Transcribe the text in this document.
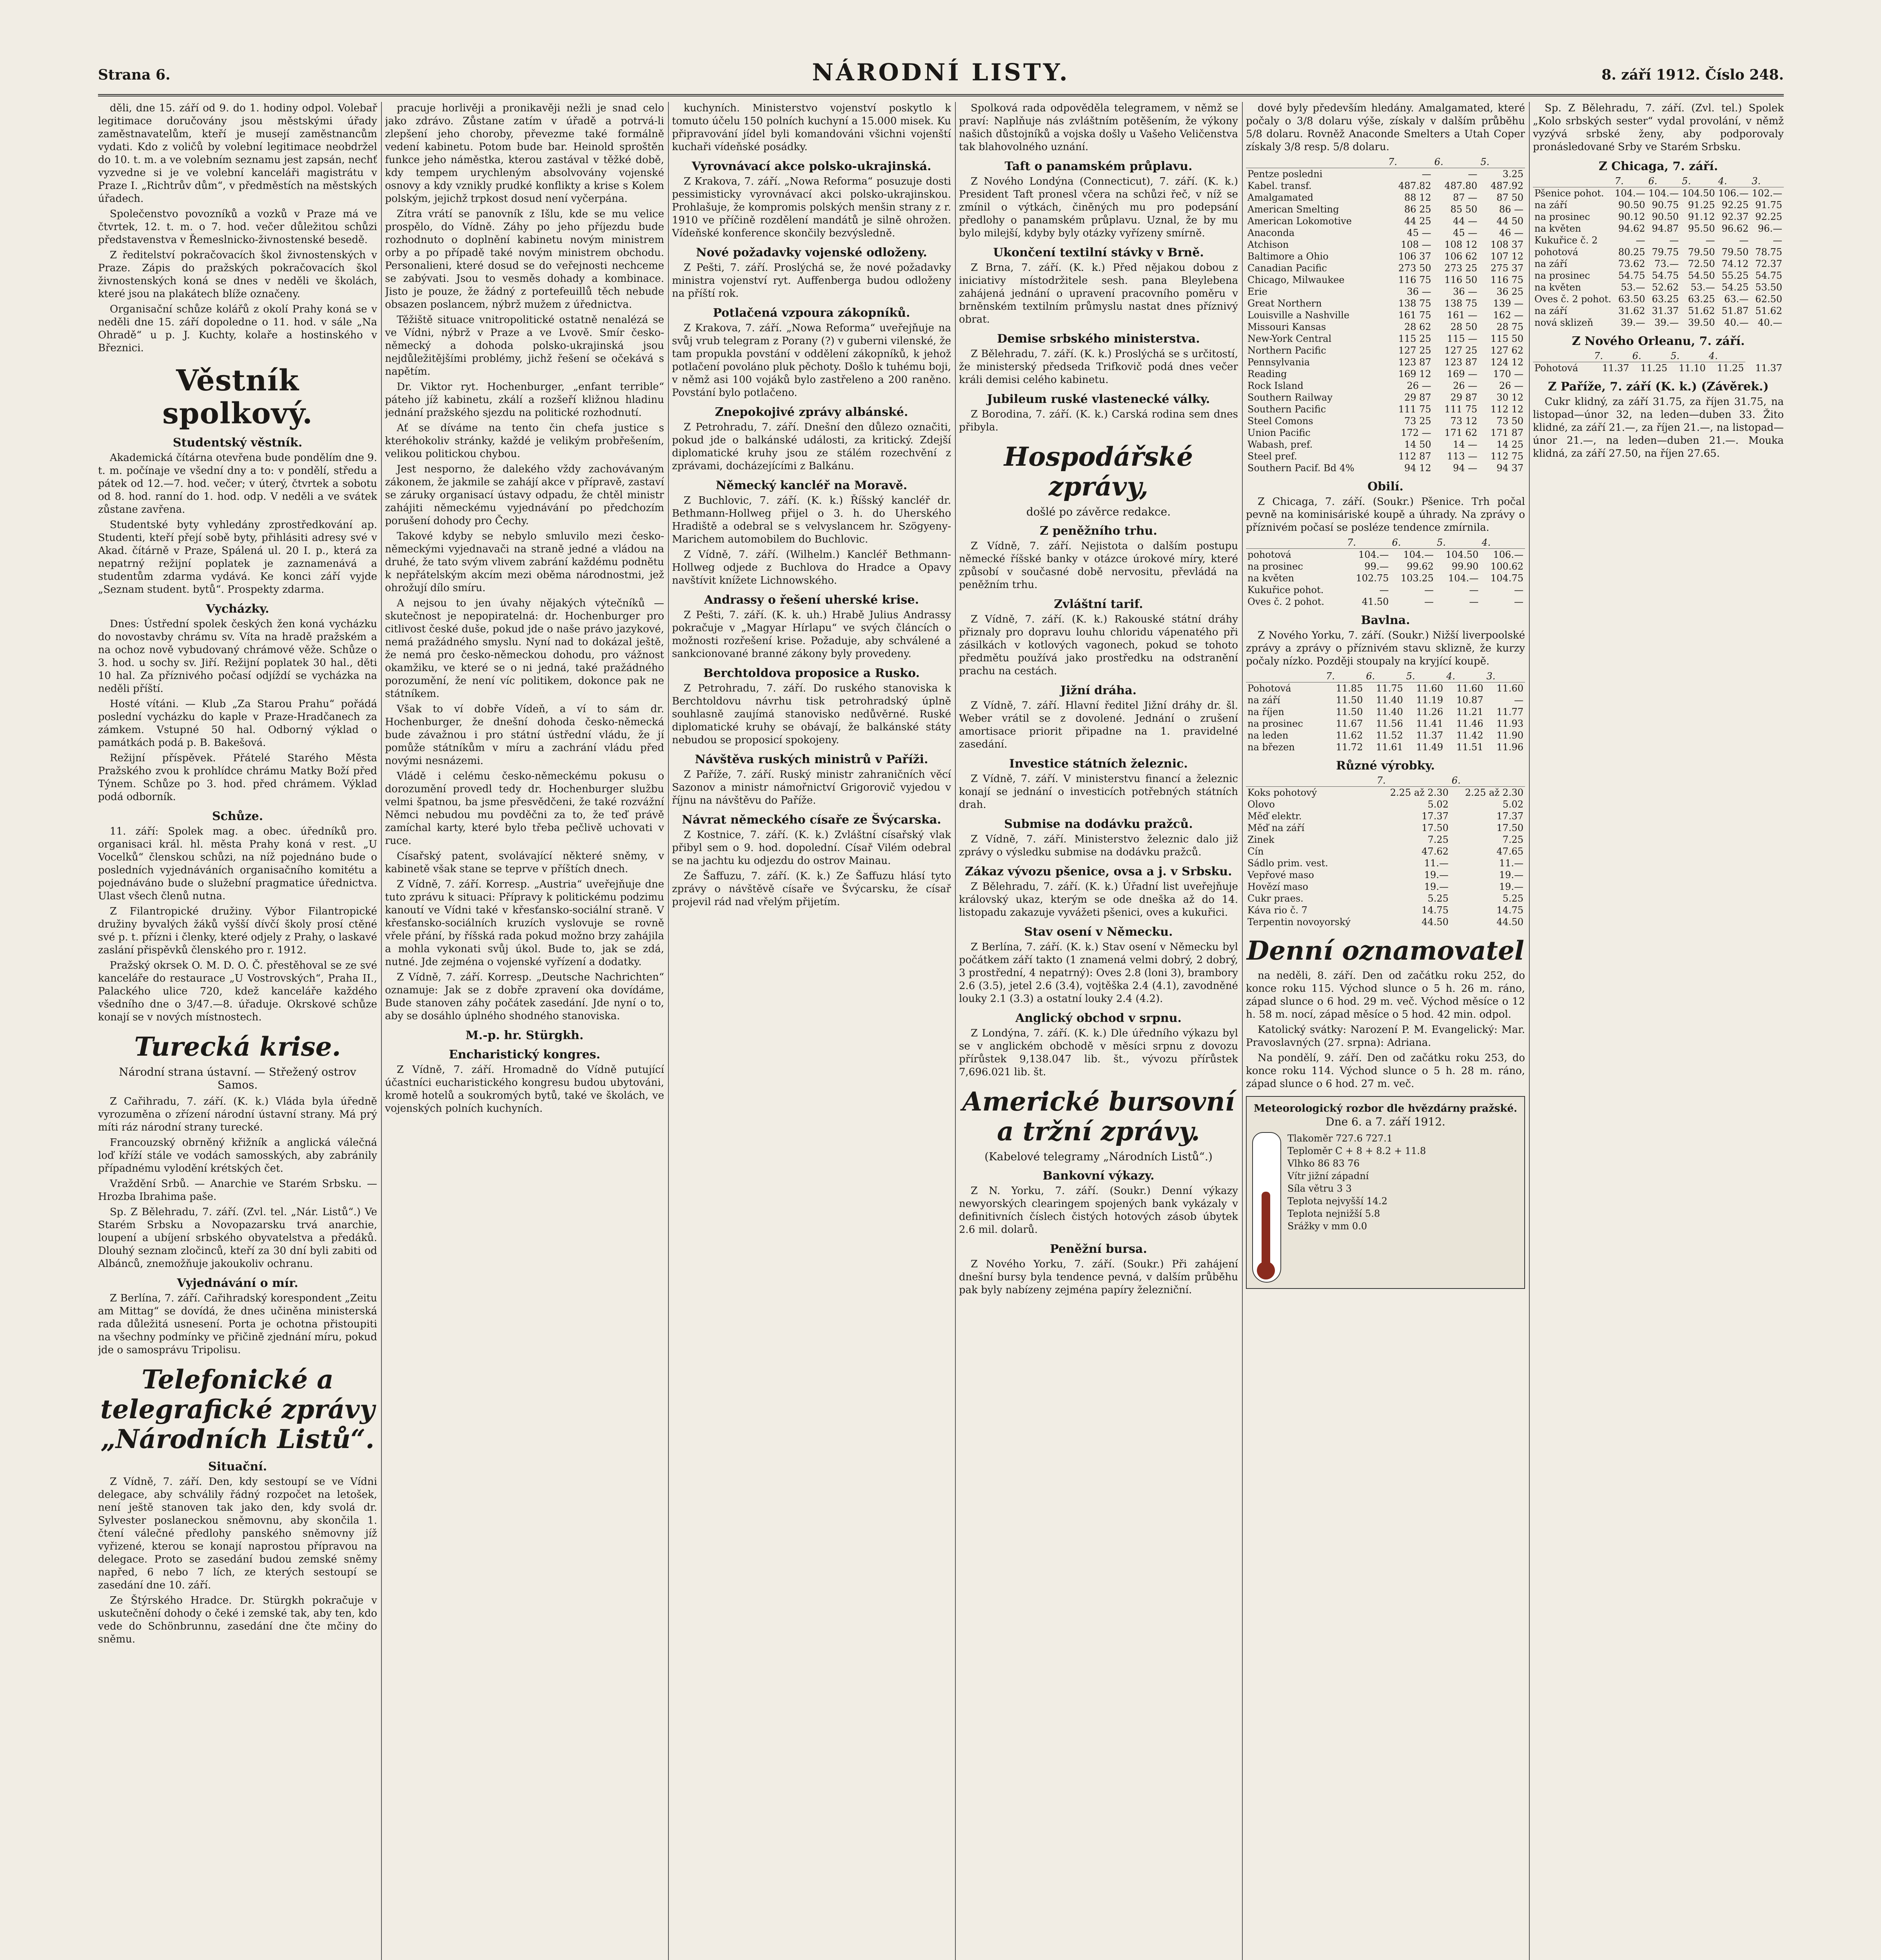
Strana 6.	NÁRODNÍ LISTY.	8. září 1912. Číslo 248.

děli, dne 15. září od 9. do 1. hodiny odpol. Volebař legitimace doručovány jsou městskými úřady zaměstnavatelům, kteří je musejí zaměstnancům vydati. Kdo z voličů by volební legitimace neobdržel do 10. t. m. a ve volebním seznamu jest zapsán, nechť vyzvedne si je ve volební kanceláři magistrátu v Praze I. „Richtrův dům“, v předměstích na městských úřadech.

Společenstvo povozníků a vozků v Praze má ve čtvrtek, 12. t. m. o 7. hod. večer důležitou schůzi představenstva v Řemeslnicko-živnostenské besedě.

Z ředitelství pokračovacích škol živnostenských v Praze. Zápis do pražských pokračovacích škol živnostenských koná se dnes v neděli ve školách, které jsou na plakátech blíže označeny.

Organisační schůze kolářů z okolí Prahy koná se v neděli dne 15. září dopoledne o 11. hod. v sále „Na Ohradě“ u p. J. Kuchty, kolaře a hostinského v Březnici.

Věstník spolkový.
Studentský věstník.

Akademická čítárna otevřena bude pondělím dne 9. t. m. počínaje ve všední dny a to: v pondělí, středu a pátek od 12.—7. hod. večer; v úterý, čtvrtek a sobotu od 8. hod. ranní do 1. hod. odp. V neděli a ve svátek zůstane zavřena.

Studentské byty vyhledány zprostředkování ap. Studenti, kteří přejí sobě byty, přihlásiti adresy své v Akad. čítárně v Praze, Spálená ul. 20 I. p., která za nepatrný režijní poplatek je zaznamenává a studentům zdarma vydává. Ke konci září vyjde „Seznam student. bytů“. Prospekty zdarma.

Vycházky.

Dnes: Ústřední spolek českých žen koná vycházku do novostavby chrámu sv. Víta na hradě pražském a na ochoz nově vybudovaný chrámové věže. Schůze o 3. hod. u sochy sv. Jiří. Režijní poplatek 30 hal., děti 10 hal. Za příznivého počasí odjíždí se vycházka na neděli příští.

Hosté vítáni. — Klub „Za Starou Prahu“ pořádá poslední vycházku do kaple v Praze-Hradčanech za zámkem. Vstupné 50 hal. Odborný výklad o památkách podá p. B. Bakešová.

Režijní příspěvek. Přátelé Starého Města Pražského zvou k prohlídce chrámu Matky Boží před Týnem. Schůze po 3. hod. před chrámem. Výklad podá odborník.

Schůze.

11. září: Spolek mag. a obec. úředníků pro. organisaci král. hl. města Prahy koná v rest. „U Vocelků“ členskou schůzi, na níž pojednáno bude o posledních vyjednáváních organisačního komitétu a pojednáváno bude o služební pragmatice úřednictva. Ulast všech členů nutna.

Z Filantropické družiny. Výbor Filantropické družiny byvalých žáků vyšší dívčí školy prosí ctěné své p. t. přízni i členky, které odjely z Prahy, o laskavé zaslání přispěvků členského pro r. 1912.

Pražský okrsek O. M. D. O. Č. přestěhoval se ze své kanceláře do restaurace „U Vostrovských“, Praha II., Palackého ulice 720, kdež kanceláře každého všedního dne o 3/47.—8. úřaduje. Okrskové schůze konají se v nových místnostech.

Turecká krise.
Národní strana ústavní. — Střežený ostrov Samos.

Z Cařihradu, 7. září. (K. k.) Vláda byla úředně vyrozuměna o zřízení národní ústavní strany. Má prý míti ráz národní strany turecké.

Francouzský obrněný křižník a anglická válečná loď kříží stále ve vodách samosských, aby zabránily případnému vylodění krétských čet.

Vraždění Srbů. — Anarchie ve Starém Srbsku. — Hrozba Ibrahima paše.

Sp. Z Bělehradu, 7. září. (Zvl. tel. „Nár. Listů“.) Ve Starém Srbsku a Novopazarsku trvá anarchie, loupení a ubíjení srbského obyvatelstva a předáků. Dlouhý seznam zločinců, kteří za 30 dní byli zabiti od Albánců, znemožňuje jakoukoliv ochranu.

Vyjednávání o mír.

Z Berlína, 7. září. Cařihradský korespondent „Zeitu am Mittag“ se dovídá, že dnes učiněna ministerská rada důležitá usnesení. Porta je ochotna přistoupiti na všechny podmínky ve přičině zjednání míru, pokud jde o samosprávu Tripolisu.

Telefonické a telegrafické zprávy „Národních Listů“.
Situační.

Z Vídně, 7. září. Den, kdy sestoupí se ve Vídni delegace, aby schválily řádný rozpočet na letošek, není ještě stanoven tak jako den, kdy svolá dr. Sylvester poslaneckou sněmovnu, aby skončila 1. čtení válečné předlohy panského sněmovny jíž vyřizené, kterou se konají naprostou přípravou na delegace. Proto se zasedání budou zemské sněmy napřed, 6 nebo 7 lích, ze kterých sestoupí se zasedání dne 10. září.

Ze Štýrského Hradce. Dr. Stürgkh pokračuje v uskutečnění dohody o čeké i zemské tak, aby ten, kdo vede do Schönbrunnu, zasedání dne čte mčiny do sněmu.

pracuje horlivěji a pronikavěji nežli je snad celo jako zdrávo. Zůstane zatím v úřadě a potrvá-li zlepšení jeho choroby, převezme také formálně vedení kabinetu. Potom bude bar. Heinold sproštěn funkce jeho náměstka, kterou zastával v těžké době, kdy tempem urychleným absolvovány vojenské osnovy a kdy vznikly prudké konflikty a krise s Kolem polským, jejichž trpkost dosud není vyčerpána.

Zítra vrátí se panovník z Išlu, kde se mu velice prospělo, do Vídně. Záhy po jeho příjezdu bude rozhodnuto o doplnění kabinetu novým ministrem orby a po případě také novým ministrem obchodu. Personalieni, které dosud se do veřejnosti nechceme se zabývati. Jsou to vesměs dohady a kombinace. Jisto je pouze, že žádný z portefeuillů těch nebude obsazen poslancem, nýbrž mužem z úřednictva.

Těžiště situace vnitropolitické ostatně nenalézá se ve Vídni, nýbrž v Praze a ve Lvově. Smír česko-německý a dohoda polsko-ukrajinská jsou nejdůležitějšími problémy, jichž řešení se očekává s napětím.

Dr. Viktor ryt. Hochenburger, „enfant terrible“ páteho jíž kabinetu, zkálí a rozšeří kližnou hladinu jednání pražského sjezdu na politické rozhodnutí.

Ať se díváme na tento čin chefa justice s kteréhokoliv stránky, každé je velikým probřešením, velikou politickou chybou.

Jest nesporno, že dalekého vždy zachovávaným zákonem, že jakmile se zahájí akce v přípravě, zastaví se záruky organisací ústavy odpadu, že chtěl ministr zahájiti německému vyjednávání po předchozím porušení dohody pro Čechy.

Takové kdyby se nebylo smluvilo mezi česko-německými vyjednavači na straně jedné a vládou na druhé, že tato svým vlivem zabrání každému podnětu k nepřátelským akcím mezi oběma národnostmi, jež ohrožují dílo smíru.

A nejsou to jen úvahy nějakých výtečníků — skutečnost je nepopiratelná: dr. Hochenburger pro citlivost české duše, pokud jde o naše právo jazykové, nemá pražádného smyslu. Nyní nad to dokázal ještě, že nemá pro česko-německou dohodu, pro vážnost okamžiku, ve které se o ni jedná, také pražádného porozumění, že není víc politikem, dokonce pak ne státníkem.

Však to ví dobře Vídeň, a ví to sám dr. Hochenburger, že dnešní dohoda česko-německá bude závažnou i pro státní ústřední vládu, že jí pomůže státníkům v míru a zachrání vládu před novými nesnázemi.

Vládě i celému česko-německému pokusu o dorozumění provedl tedy dr. Hochenburger službu velmi špatnou, ba jsme přesvědčeni, že také rozvážní Němci nebudou mu povděčni za to, že teď právě zamíchal karty, které bylo třeba pečlivě uchovati v ruce.

Císařský patent, svolávající některé sněmy, v kabinetě však stane se teprve v příštích dnech.

Z Vídně, 7. září. Korresp. „Austria“ uveřejňuje dne tuto zprávu k situaci: Přípravy k politickému podzimu kanoutí ve Vídni také v křesťansko-sociální straně. V křesťansko-sociálních kruzích vyslovuje se rovně vřele přání, by říšská rada pokud možno brzy zahájila a mohla vykonati svůj úkol. Bude to, jak se zdá, nutné. Jde zejména o vojenské vyřízení a dodatky.

Z Vídně, 7. září. Korresp. „Deutsche Nachrichten“ oznamuje: Jak se z dobře zpravení oka dovídáme, Bude stanoven záhy počátek zasedání. Jde nyní o to, aby se dosáhlo úplného shodného stanoviska.

M.-p. hr. Stürgkh.
Encharistický kongres.

Z Vídně, 7. září. Hromadně do Vídně putující účastníci eucharistického kongresu budou ubytováni, kromě hotelů a soukromých bytů, také ve školách, ve vojenských polních kuchyních.

kuchyních. Ministerstvo vojenství poskytlo k tomuto účelu 150 polních kuchyní a 15.000 misek. Ku připravování jídel byli komandováni všichni vojenští kuchaři vídeňské posádky.

Vyrovnávací akce polsko-ukrajinská.

Z Krakova, 7. září. „Nowa Reforma“ posuzuje dosti pessimisticky vyrovnávací akci polsko-ukrajinskou. Prohlašuje, že kompromis polských menšin strany z r. 1910 ve příčině rozdělení mandátů je silně ohrožen. Vídeňské konference skončily bezvýsledně.

Nové požadavky vojenské odloženy.

Z Pešti, 7. září. Proslýchá se, že nové požadavky ministra vojenství ryt. Auffenberga budou odloženy na příští rok.

Potlačená vzpoura zákopníků.

Z Krakova, 7. září. „Nowa Reforma“ uveřejňuje na svůj vrub telegram z Porany (?) v guberni vilenské, že tam propukla povstání v oddělení zákopníků, k jehož potlačení povoláno pluk pěchoty. Došlo k tuhému boji, v němž asi 100 vojáků bylo zastřeleno a 200 raněno. Povstání bylo potlačeno.

Znepokojivé zprávy albánské.

Z Petrohradu, 7. září. Dnešní den důlezo označiti, pokud jde o balkánské události, za kritický. Zdejší diplomatické kruhy jsou ze stálém rozechvění z zprávami, docházejícími z Balkánu.

Německý kancléř na Moravě.

Z Buchlovic, 7. září. (K. k.) Říšský kancléř dr. Bethmann-Hollweg přijel o 3. h. do Uherského Hradiště a odebral se s velvyslancem hr. Szögyeny-Marichem automobilem do Buchlovic.

Z Vídně, 7. září. (Wilhelm.) Kancléř Bethmann-Hollweg odjede z Buchlova do Hradce a Opavy navštívit knížete Lichnowského.

Andrassy o řešení uherské krise.

Z Pešti, 7. září. (K. k. uh.) Hrabě Julius Andrassy pokračuje v „Magyar Hírlapu“ ve svých článcích o možnosti rozřešení krise. Požaduje, aby schválené a sankcionované branné zákony byly provedeny.

Berchtoldova proposice a Rusko.

Z Petrohradu, 7. září. Do ruského stanoviska k Berchtoldovu návrhu tisk petrohradský úplně souhlasně zaujímá stanovisko nedůvěrné. Ruské diplomatické kruhy se obávají, že balkánské státy nebudou se proposicí spokojeny.

Návštěva ruských ministrů v Paříži.

Z Paříže, 7. září. Ruský ministr zahraničních věcí Sazonov a ministr námořnictví Grigorovič vyjedou v říjnu na návštěvu do Paříže.

Návrat německého císaře ze Švýcarska.

Z Kostnice, 7. září. (K. k.) Zvláštní císařský vlak přibyl sem o 9. hod. dopolední. Císař Vilém odebral se na jachtu ku odjezdu do ostrov Mainau.

Ze Šaffuzu, 7. září. (K. k.) Ze Šaffuzu hlásí tyto zprávy o návštěvě císaře ve Švýcarsku, že císař projevil rád nad vřelým přijetím.

Spolková rada odpověděla telegramem, v němž se praví: Naplňuje nás zvláštním potěšením, že výkony našich důstojníků a vojska došly u Vašeho Veličenstva tak blahovolného uznání.

Taft o panamském průplavu.

Z Nového Londýna (Connecticut), 7. září. (K. k.) President Taft pronesl včera na schůzi řeč, v níž se zmínil o výtkách, činěných mu pro podepsání předlohy o panamském průplavu. Uznal, že by mu bylo milejší, kdyby byly otázky vyřízeny smírně.

Ukončení textilní stávky v Brně.

Z Brna, 7. září. (K. k.) Před nějakou dobou z iniciativy místodržitele sesh. pana Bleylebena zahájená jednání o upravení pracovního poměru v brněnském textilním průmyslu nastat dnes příznivý obrat.

Demise srbského ministerstva.

Z Bělehradu, 7. září. (K. k.) Proslýchá se s určitostí, že ministerský předseda Trifkovič podá dnes večer králi demisi celého kabinetu.

Jubileum ruské vlastenecké války.

Z Borodina, 7. září. (K. k.) Carská rodina sem dnes přibyla.

Hospodářské zprávy,
došlé po závěrce redakce.
Z peněžního trhu.

Z Vídně, 7. září. Nejistota o dalším postupu německé říšské banky v otázce úrokové míry, které způsobí v současné době nervositu, převládá na peněžním trhu.

Zvláštní tarif.

Z Vídně, 7. září. (K. k.) Rakouské státní dráhy přiznaly pro dopravu louhu chloridu vápenatého při zásilkách v kotlových vagonech, pokud se tohoto předmětu používá jako prostředku na odstranění prachu na cestách.

Jižní dráha.

Z Vídně, 7. září. Hlavní ředitel Jižní dráhy dr. šl. Weber vrátil se z dovolené. Jednání o zrušení amortisace priorit připadne na 1. pravidelné zasedání.

Investice státních železnic.

Z Vídně, 7. září. V ministerstvu financí a železnic konají se jednání o investicích potřebných státních drah.

Submise na dodávku pražců.

Z Vídně, 7. září. Ministerstvo železnic dalo již zprávy o výsledku submise na dodávku pražců.

Zákaz vývozu pšenice, ovsa a j. v Srbsku.

Z Bělehradu, 7. září. (K. k.) Úřadní list uveřejňuje královský ukaz, kterým se ode dneška až do 14. listopadu zakazuje vyvážeti pšenici, oves a kukuřici.

Stav osení v Německu.

Z Berlína, 7. září. (K. k.) Stav osení v Německu byl počátkem září takto (1 znamená velmi dobrý, 2 dobrý, 3 prostřední, 4 nepatrný): Oves 2.8 (loni 3), brambory 2.6 (3.5), jetel 2.6 (3.4), vojtěška 2.4 (4.1), zavodněné louky 2.1 (3.3) a ostatní louky 2.4 (4.2).

Anglický obchod v srpnu.

Z Londýna, 7. září. (K. k.) Dle úředního výkazu byl se v anglickém obchodě v měsíci srpnu z dovozu přírůstek 9,138.047 lib. št., vývozu přírůstek 7,696.021 lib. št.

Americké bursovní a tržní zprávy.
(Kabelové telegramy „Národních Listů“.)
Bankovní výkazy.

Z N. Yorku, 7. září. (Soukr.) Denní výkazy newyorských clearingem spojených bank vykázaly v definitivních číslech čistých hotových zásob úbytek 2.6 mil. dolarů.

Peněžní bursa.

Z Nového Yorku, 7. září. (Soukr.) Při zahájení dnešní bursy byla tendence pevná, v dalším průběhu pak byly nabízeny zejména papíry železniční.

dové byly především hledány. Amalgamated, které počaly o 3/8 dolaru výše, získaly v dalším průběhu 5/8 dolaru. Rovněž Anaconde Smelters a Utah Coper získaly 3/8 resp. 5/8 dolaru.

	7.	6.	5.
Pentze posledni	—	—	3.25
Kabel. transf.	487.82	487.80	487.92
Amalgamated	88 12	87 —	87 50
American Smelting	86 25	85 50	86 —
American Lokomotive	44 25	44 —	44 50
Anaconda	45 —	45 —	46 —
Atchison	108 —	108 12	108 37
Baltimore a Ohio	106 37	106 62	107 12
Canadian Pacific	273 50	273 25	275 37
Chicago, Milwaukee	116 75	116 50	116 75
Erie	36 —	36 —	36 25
Great Northern	138 75	138 75	139 —
Louisville a Nashville	161 75	161 —	162 —
Missouri Kansas	28 62	28 50	28 75
New-York Central	115 25	115 —	115 50
Northern Pacific	127 25	127 25	127 62
Pennsylvania	123 87	123 87	124 12
Reading	169 12	169 —	170 —
Rock Island	26 —	26 —	26 —
Southern Railway	29 87	29 87	30 12
Southern Pacific	111 75	111 75	112 12
Steel Comons	73 25	73 12	73 50
Union Pacific	172 —	171 62	171 87
Wabash, pref.	14 50	14 —	14 25
Steel pref.	112 87	113 —	112 75
Southern Pacif. Bd 4%	94 12	94 —	94 37
Obilí.

Z Chicaga, 7. září. (Soukr.) Pšenice. Trh počal pevně na kominisáriské koupě a úhrady. Na zprávy o příznivém počasí se posléze tendence zmírnila.

	7.	6.	5.	4.
pohotová	104.—	104.—	104.50	106.—
na prosinec	99.—	99.62	99.90	100.62
na květen	102.75	103.25	104.—	104.75
Kukuřice pohot.	—	—	—	—
Oves č. 2 pohot.	41.50	—	—	—
Bavlna.

Z Nového Yorku, 7. září. (Soukr.) Nižší liverpoolské zprávy a zprávy o příznivém stavu sklizně, že kurzy počaly nízko. Později stoupaly na kryjící koupě.

	7.	6.	5.	4.	3.
Pohotová	11.85	11.75	11.60	11.60	11.60
na září	11.50	11.40	11.19	10.87	—
na říjen	11.50	11.40	11.26	11.21	11.77
na prosinec	11.67	11.56	11.41	11.46	11.93
na leden	11.62	11.52	11.37	11.42	11.90
na březen	11.72	11.61	11.49	11.51	11.96
Různé výrobky.
	7.	6.
Koks pohotový	2.25 až 2.30	2.25 až 2.30
Olovo	5.02	5.02
Měď elektr.	17.37	17.37
Měď na září	17.50	17.50
Zinek	7.25	7.25
Cín	47.62	47.65
Sádlo prim. vest.	11.—	11.—
Vepřové maso	19.—	19.—
Hovězí maso	19.—	19.—
Cukr praes.	5.25	5.25
Káva rio č. 7	14.75	14.75
Terpentin novoyorský	44.50	44.50
Denní oznamovatel

na neděli, 8. září. Den od začátku roku 252, do konce roku 115. Východ slunce o 5 h. 26 m. ráno, západ slunce o 6 hod. 29 m. več. Východ měsíce o 12 h. 58 m. nocí, západ měsíce o 5 hod. 42 min. odpol.

Katolický svátky: Narození P. M. Evangelický: Mar. Pravoslavných (27. srpna): Adriana.

Na pondělí, 9. září. Den od začátku roku 253, do konce roku 114. Východ slunce o 5 h. 28 m. ráno, západ slunce o 6 hod. 27 m. več.

Meteorologický rozbor dle hvězdárny pražské.
Dne 6. a 7. září 1912.
Tlakoměr 727.6 727.1
Teploměr C + 8 + 8.2 + 11.8
Vlhko 86 83 76
Vítr jižní západní
Síla větru 3 3
Teplota nejvyšší 14.2
Teplota nejnižší 5.8
Srážky v mm 0.0

Sp. Z Bělehradu, 7. září. (Zvl. tel.) Spolek „Kolo srbských sester“ vydal provolání, v němž vyzývá srbské ženy, aby podporovaly pronásledované Srby ve Starém Srbsku.

Z Chicaga, 7. září.
	7.	6.	5.	4.	3.
Pšenice pohot.	104.—	104.—	104.50	106.—	102.—
na září	90.50	90.75	91.25	92.25	91.75
na prosinec	90.12	90.50	91.12	92.37	92.25
na květen	94.62	94.87	95.50	96.62	96.—
Kukuřice č. 2	—	—	—	—	—
pohotová	80.25	79.75	79.50	79.50	78.75
na září	73.62	73.—	72.50	74.12	72.37
na prosinec	54.75	54.75	54.50	55.25	54.75
na květen	53.—	52.62	53.—	54.25	53.50
Oves č. 2 pohot.	63.50	63.25	63.25	63.—	62.50
na září	31.62	31.37	51.62	51.87	51.62
nová sklizeň	39.—	39.—	39.50	40.—	40.—
Z Nového Orleanu, 7. září.
	7.	6.	5.	4.	
Pohotová	11.37	11.25	11.10	11.25	11.37
Z Paříže, 7. září (K. k.) (Závěrek.)

Cukr klidný, za září 31.75, za říjen 31.75, na listopad—únor 32, na leden—duben 33. Žito klidné, za září 21.—, za říjen 21.—, na listopad—únor 21.—, na leden—duben 21.—. Mouka klidná, za září 27.50, na říjen 27.65.
